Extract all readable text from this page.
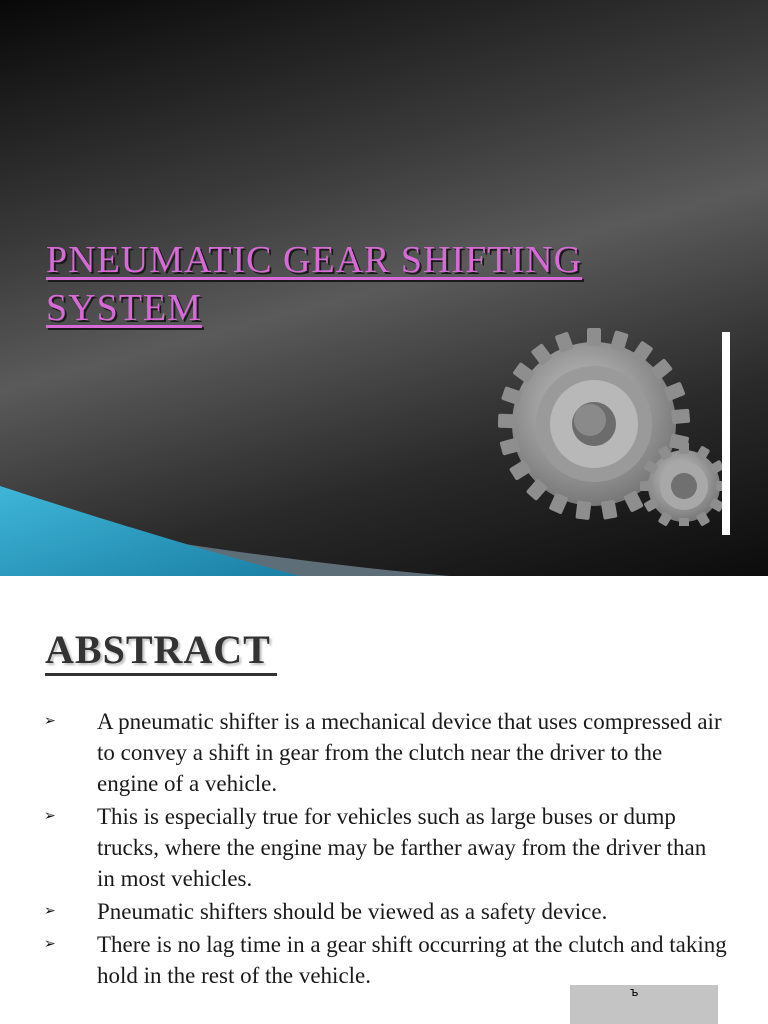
PNEUMATIC GEAR SHIFTING
SYSTEM
ABSTRACT
➢ A pneumatic shifter is a mechanical device that uses compressed air to convey a shift in gear from the clutch near the driver to the engine of a vehicle.
➢ This is especially true for vehicles such as large buses or dump trucks, where the engine may be farther away from the driver than in most vehicles.
➢ Pneumatic shifters should be viewed as a safety device.
➢ There is no lag time in a gear shift occurring at the clutch and taking hold in the rest of the vehicle.
ъ
